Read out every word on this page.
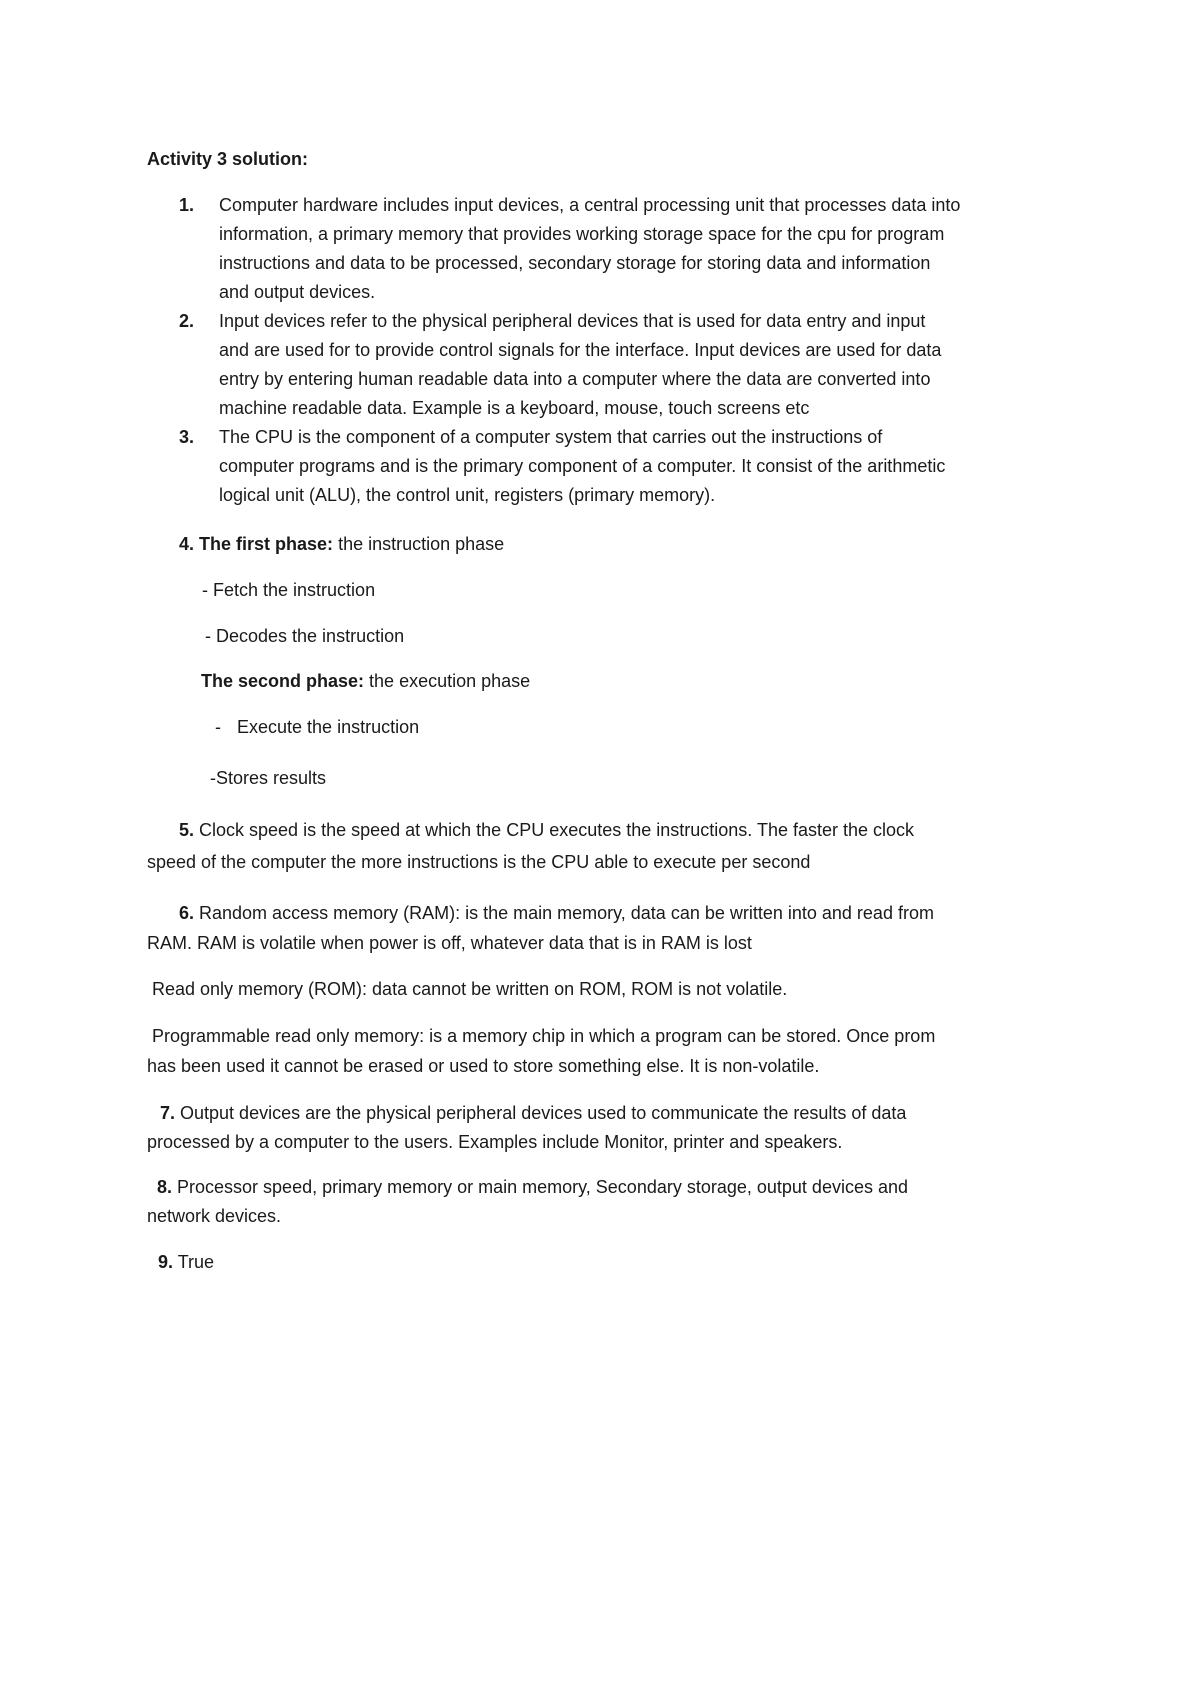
Activity 3 solution:
1. Computer hardware includes input devices, a central processing unit that processes data into
information, a primary memory that provides working storage space for the cpu for program
instructions and data to be processed, secondary storage for storing data and information
and output devices.
2. Input devices refer to the physical peripheral devices that is used for data entry and input
and are used for to provide control signals for the interface. Input devices are used for data
entry by entering human readable data into a computer where the data are converted into
machine readable data. Example is a keyboard, mouse, touch screens etc
3. The CPU is the component of a computer system that carries out the instructions of
computer programs and is the primary component of a computer. It consist of the arithmetic
logical unit (ALU), the control unit, registers (primary memory).
4. The first phase: the instruction phase
- Fetch the instruction
- Decodes the instruction
The second phase: the execution phase
- Execute the instruction
-Stores results
5. Clock speed is the speed at which the CPU executes the instructions. The faster the clock
speed of the computer the more instructions is the CPU able to execute per second
6. Random access memory (RAM): is the main memory, data can be written into and read from
RAM. RAM is volatile when power is off, whatever data that is in RAM is lost
Read only memory (ROM): data cannot be written on ROM, ROM is not volatile.
Programmable read only memory: is a memory chip in which a program can be stored. Once prom
has been used it cannot be erased or used to store something else. It is non-volatile.
7. Output devices are the physical peripheral devices used to communicate the results of data
processed by a computer to the users. Examples include Monitor, printer and speakers.
8. Processor speed, primary memory or main memory, Secondary storage, output devices and
network devices.
9. True
